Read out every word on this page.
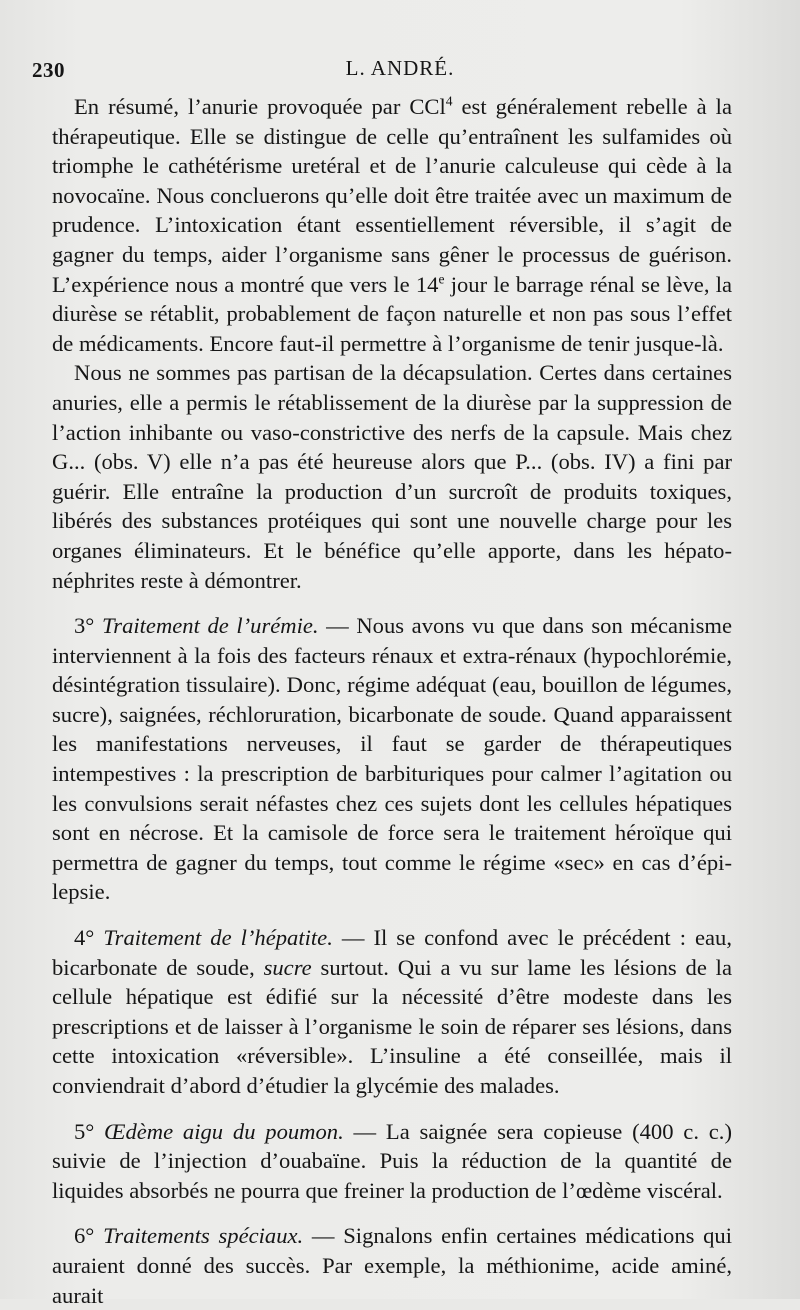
230	L. ANDRÉ.

En résumé, l’anurie provoquée par CCl$^4$ est généralement rebelle à la thérapeutique. Elle se distingue de celle qu’entraînent les sulfamides où triomphe le cathétérisme uretéral et de l’anurie calculeuse qui cède à la novocaïne. Nous concluerons qu’elle doit être traitée avec un maximum de prudence. L’intoxication étant essentiellement réversible, il s’agit de gagner du temps, aider l’organisme sans gêner le processus de guérison. L’expérience nous a montré que vers le 14e jour le barrage rénal se lève, la diurèse se rétablit, probablement de façon naturelle et non pas sous l’effet de médicaments. Encore faut-il permettre à l’organisme de tenir jusque-là.

Nous ne sommes pas partisan de la décapsulation. Certes dans certaines anuries, elle a permis le rétablissement de la diurèse par la suppression de l’action inhibante ou vaso-constrictive des nerfs de la capsule. Mais chez G... (obs. V) elle n’a pas été heureuse alors que P... (obs. IV) a fini par guérir. Elle entraîne la production d’un surcroît de produits toxiques, libérés des substances protéiques qui sont une nouvelle charge pour les organes éliminateurs. Et le bénéfice qu’elle apporte, dans les hépatonéphrites reste à démontrer.

3° Traitement de l’urémie. — Nous avons vu que dans son mécanisme interviennent à la fois des facteurs rénaux et extra-rénaux (hypochlorémie, désintégration tissulaire). Donc, régime adéquat (eau, bouillon de légumes, sucre), saignées, réchloruration, bicarbonate de soude. Quand apparaissent les manifestations nerveuses, il faut se garder de thérapeutiques intempestives : la prescription de barbituriques pour calmer l’agitation ou les convulsions serait néfastes chez ces sujets dont les cellules hépatiques sont en nécrose. Et la camisole de force sera le traitement héroïque qui permettra de gagner du temps, tout comme le régime «sec» en cas d’épilepsie.

4° Traitement de l’hépatite. — Il se confond avec le précédent : eau, bicarbonate de soude, sucre surtout. Qui a vu sur lame les lésions de la cellule hépatique est édifié sur la nécessité d’être modeste dans les prescriptions et de laisser à l’organisme le soin de réparer ses lésions, dans cette intoxication «réversible». L’insuline a été conseillée, mais il conviendrait d’abord d’étudier la glycémie des malades.

5° Œdème aigu du poumon. — La saignée sera copieuse (400 c. c.) suivie de l’injection d’ouabaïne. Puis la réduction de la quantité de liquides absorbés ne pourra que freiner la production de l’œdème viscéral.

6° Traitements spéciaux. — Signalons enfin certaines médications qui auraient donné des succès. Par exemple, la méthionime, acide aminé, aurait
